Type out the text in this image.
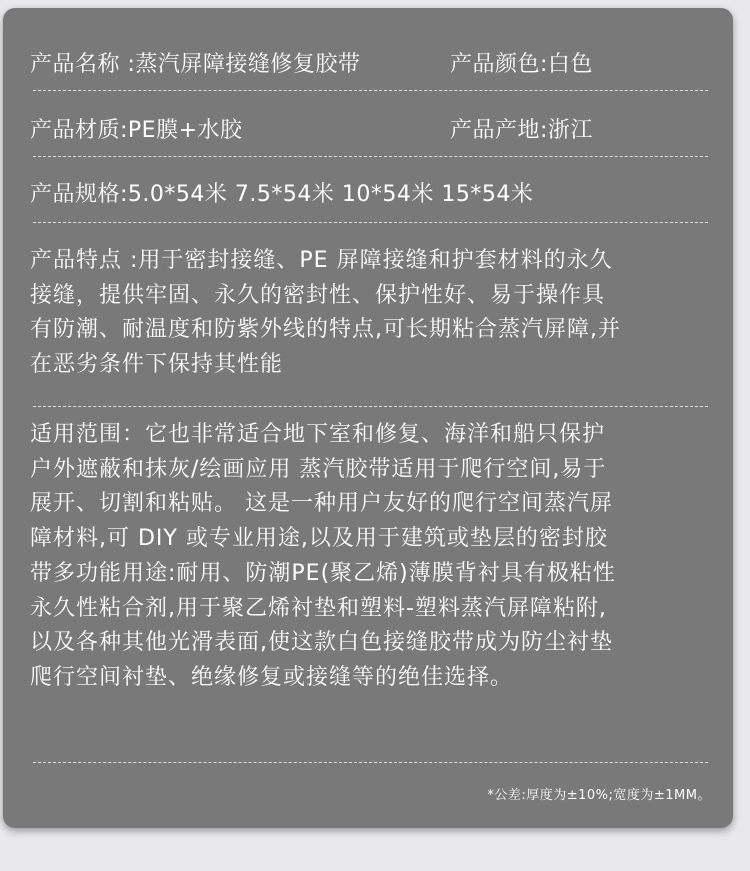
产品名称 :蒸汽屏障接缝修复胶带	产品颜色:白色
产品材质:PE膜+水胶	产品产地:浙江
产品规格:5.0*54米 7.5*54米 10*54米 15*54米
产品特点 :用于密封接缝、PE 屏障接缝和护套材料的永久
接缝，提供牢固、永久的密封性、保护性好、易于操作具
有防潮、耐温度和防紫外线的特点,可长期粘合蒸汽屏障,并
在恶劣条件下保持其性能
适用范围：它也非常适合地下室和修复、海洋和船只保护
户外遮蔽和抹灰/绘画应用 蒸汽胶带适用于爬行空间,易于
展开、切割和粘贴。 这是一种用户友好的爬行空间蒸汽屏
障材料,可 DIY 或专业用途,以及用于建筑或垫层的密封胶
带多功能用途:耐用、防潮PE(聚乙烯)薄膜背衬具有极粘性
永久性粘合剂,用于聚乙烯衬垫和塑料-塑料蒸汽屏障粘附,
以及各种其他光滑表面,使这款白色接缝胶带成为防尘衬垫
爬行空间衬垫、绝缘修复或接缝等的绝佳选择。
*公差:厚度为±10%;宽度为±1MM。
